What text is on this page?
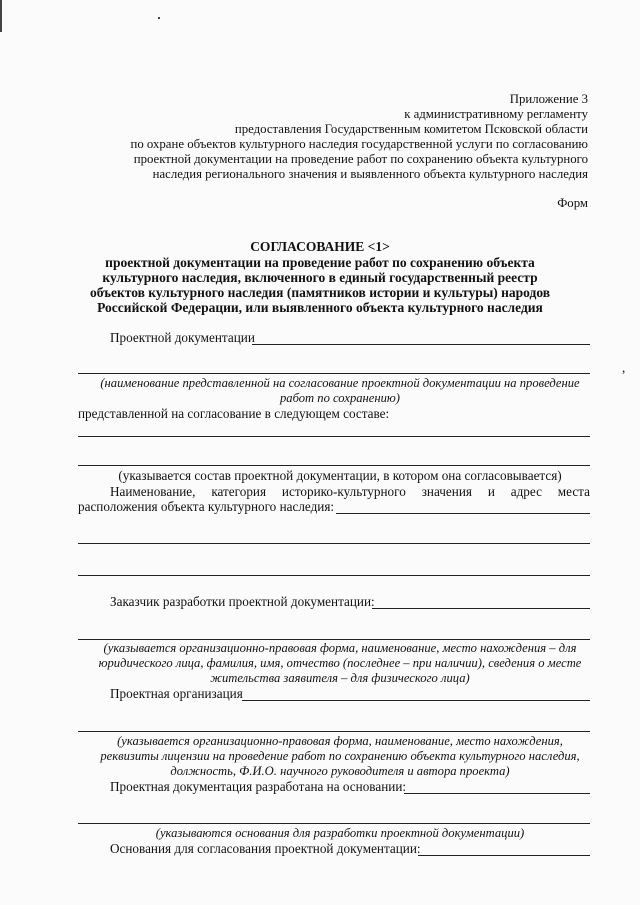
Приложение 3
к административному регламенту
предоставления Государственным комитетом Псковской области
по охране объектов культурного наследия государственной услуги по согласованию
проектной документации на проведение работ по сохранению объекта культурного
наследия регионального значения и выявленного объекта культурного наследия
Форм
СОГЛАСОВАНИЕ <1>
проектной документации на проведение работ по сохранению объекта
культурного наследия, включенного в единый государственный реестр
объектов культурного наследия (памятников истории и культуры) народов
Российской Федерации, или выявленного объекта культурного наследия
Проектной документации
,
(наименование представленной на согласование проектной документации на проведение
работ по сохранению)
представленной на согласование в следующем составе:
(указывается состав проектной документации, в котором она согласовывается)
Наименование, категория историко-культурного значения и адрес места
расположения объекта культурного наследия:
Заказчик разработки проектной документации:
(указывается организационно-правовая форма, наименование, место нахождения – для
юридического лица, фамилия, имя, отчество (последнее – при наличии), сведения о месте
жительства заявителя – для физического лица)
Проектная организация
(указывается организационно-правовая форма, наименование, место нахождения,
реквизиты лицензии на проведение работ по сохранению объекта культурного наследия,
должность, Ф.И.О. научного руководителя и автора проекта)
Проектная документация разработана на основании:
(указываются основания для разработки проектной документации)
Основания для согласования проектной документации:
